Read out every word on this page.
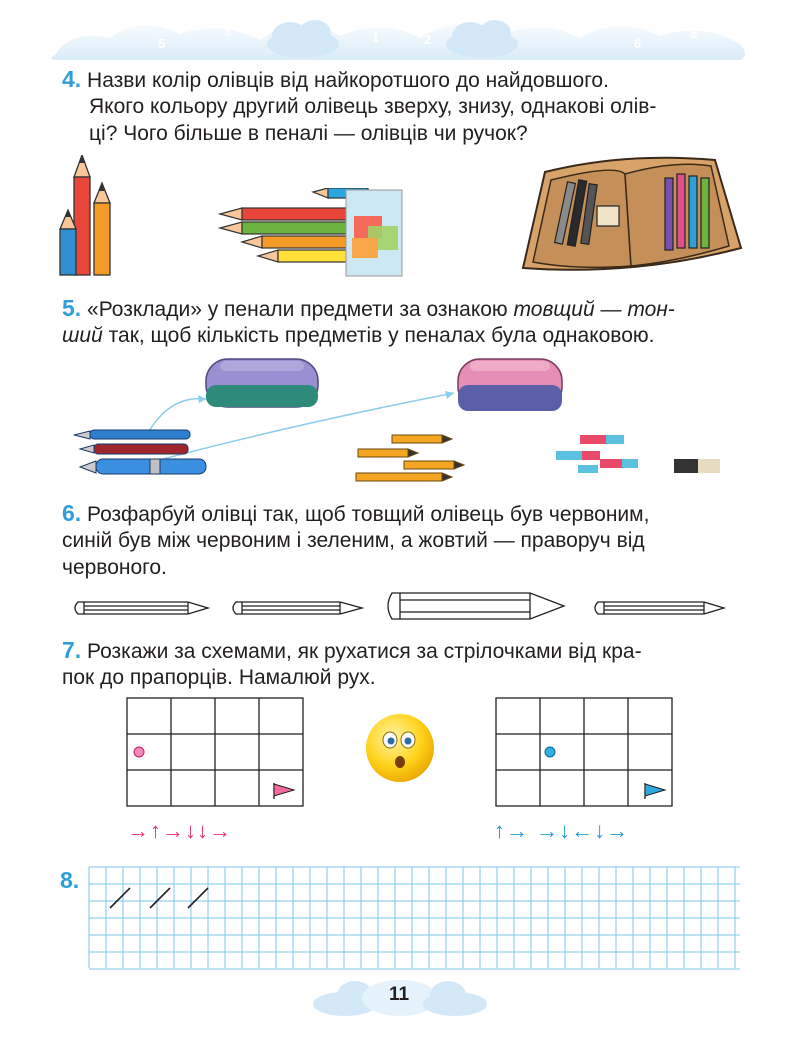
7
5
3	1
0
2
4
6
8
4. Назви колір олівців від найкоротшого до найдовшого.
Якого кольору другий олівець зверху, знизу, однакові олів-
ці? Чого більше в пеналі — олівців чи ручок?
5. «Розклади» у пенали предмети за ознакою товщий — тон-
ший так, щоб кількість предметів у пеналах була однаковою.
6. Розфарбуй олівці так, щоб товщий олівець був червоним,
синій був між червоним і зеленим, а жовтий — праворуч від
червоного.
7. Розкажи за схемами, як рухатися за стрілочками від кра-
пок до прапорців. Намалюй рух.
→↑→↓↓→	↑→ →↓←↓→
8.
11
